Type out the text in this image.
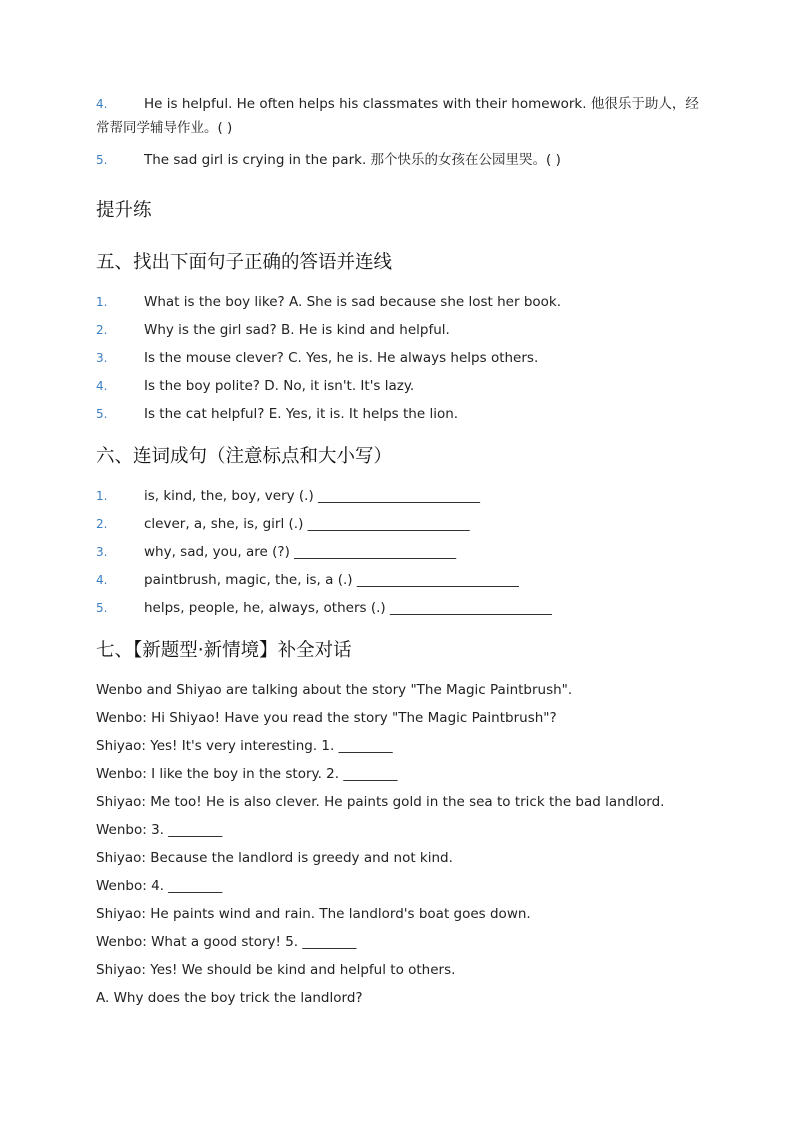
4.	He is helpful. He often helps his classmates with their homework. 他很乐于助人，经常帮同学辅导作业。( )
5.	The sad girl is crying in the park. 那个快乐的女孩在公园里哭。( )
提升练
五、找出下面句子正确的答语并连线
1.	What is the boy like? A. She is sad because she lost her book.
2.	Why is the girl sad? B. He is kind and helpful.
3.	Is the mouse clever? C. Yes, he is. He always helps others.
4.	Is the boy polite? D. No, it isn't. It's lazy.
5.	Is the cat helpful? E. Yes, it is. It helps the lion.
六、连词成句（注意标点和大小写）
1.	is, kind, the, boy, very (.) ________________________
2.	clever, a, she, is, girl (.) ________________________
3.	why, sad, you, are (?) ________________________
4.	paintbrush, magic, the, is, a (.) ________________________
5.	helps, people, he, always, others (.) ________________________
七、【新题型·新情境】补全对话
Wenbo and Shiyao are talking about the story "The Magic Paintbrush".
Wenbo: Hi Shiyao! Have you read the story "The Magic Paintbrush"?
Shiyao: Yes! It's very interesting. 1. ________
Wenbo: I like the boy in the story. 2. ________
Shiyao: Me too! He is also clever. He paints gold in the sea to trick the bad landlord.
Wenbo: 3. ________
Shiyao: Because the landlord is greedy and not kind.
Wenbo: 4. ________
Shiyao: He paints wind and rain. The landlord's boat goes down.
Wenbo: What a good story! 5. ________
Shiyao: Yes! We should be kind and helpful to others.
A. Why does the boy trick the landlord?
